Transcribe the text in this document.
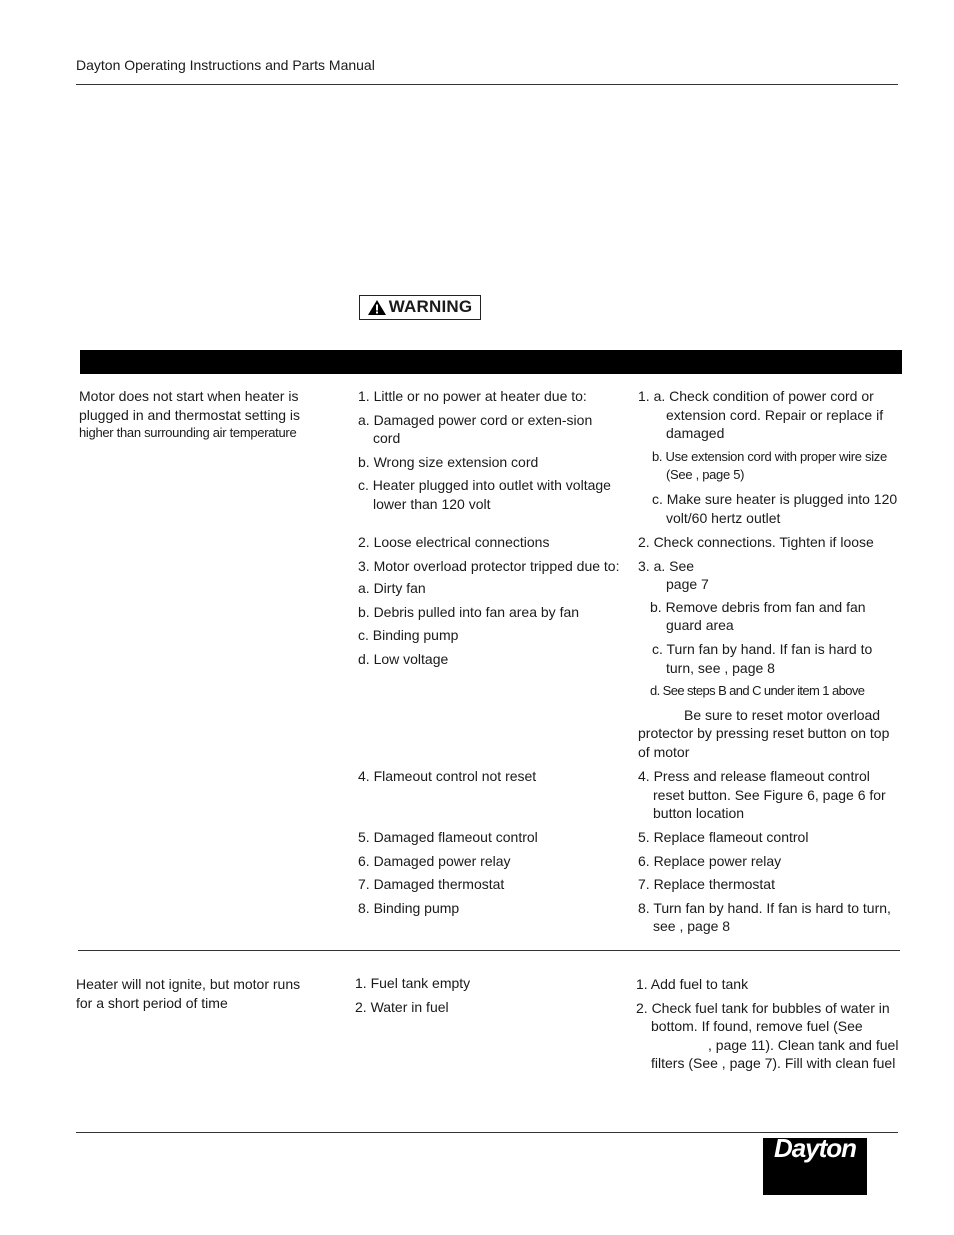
Dayton Operating Instructions and Parts Manual
WARNING

Motor does not start when heater is

plugged in and thermostat setting is

higher than surrounding air temperature

1. Little or no power at heater due to:

a. Damaged power cord or exten-sion cord

b. Wrong size extension cord

c. Heater plugged into outlet with voltage lower than 120 volt

2. Loose electrical connections

3. Motor overload protector tripped due to:

a. Dirty fan

b. Debris pulled into fan area by fan

c. Binding pump

d. Low voltage

4. Flameout control not reset

5. Damaged flameout control

6. Damaged power relay

7. Damaged thermostat

8. Binding pump

1. a. Check condition of power cord or extension cord. Repair or replace if damaged

b. Use extension cord with proper wire size (See , page 5)

c. Make sure heater is plugged into 120 volt/60 hertz outlet

2. Check connections. Tighten if loose

3. a. See

page 7

b. Remove debris from fan and fan guard area

c. Turn fan by hand. If fan is hard to turn, see , page 8

d. See steps B and C under item 1 above

Be sure to reset motor overload protector by pressing reset button on top of motor

4. Press and release flameout control reset button. See Figure 6, page 6 for button location

5. Replace flameout control

6. Replace power relay

7. Replace thermostat

8. Turn fan by hand. If fan is hard to turn, see , page 8

Heater will not ignite, but motor runs

for a short period of time

1. Fuel tank empty

2. Water in fuel

1. Add fuel to tank

2. Check fuel tank for bubbles of water in bottom. If found, remove fuel (See

, page 11). Clean tank and fuel filters (See , page 7). Fill with clean fuel

Dayton
